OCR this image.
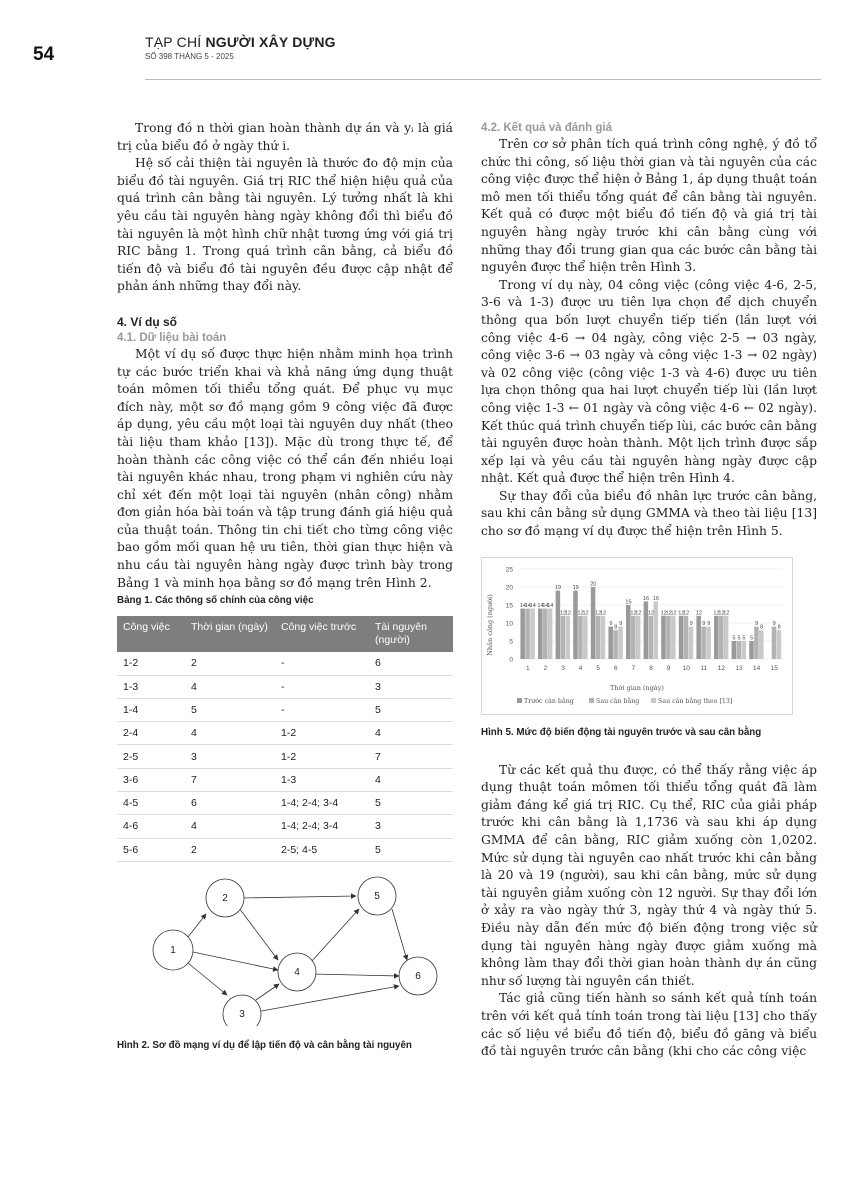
54
TẠP CHÍ NGƯỜI XÂY DỰNG
SỐ 398 THÁNG 5 - 2025

Trong đó n thời gian hoàn thành dự án và yᵢ là giá trị của biểu đồ ở ngày thứ i.

Hệ số cải thiện tài nguyên là thước đo độ mịn của biểu đồ tài nguyên. Giá trị RIC thể hiện hiệu quả của quá trình cân bằng tài nguyên. Lý tưởng nhất là khi yêu cầu tài nguyên hàng ngày không đổi thì biểu đồ tài nguyên là một hình chữ nhật tương ứng với giá trị RIC bằng 1. Trong quá trình cân bằng, cả biểu đồ tiến độ và biểu đồ tài nguyên đều được cập nhật để phản ánh những thay đổi này.

4. Ví dụ số
4.1. Dữ liệu bài toán

Một ví dụ số được thực hiện nhằm minh họa trình tự các bước triển khai và khả năng ứng dụng thuật toán mômen tối thiểu tổng quát. Để phục vụ mục đích này, một sơ đồ mạng gồm 9 công việc đã được áp dụng, yêu cầu một loại tài nguyên duy nhất (theo tài liệu tham khảo [13]). Mặc dù trong thực tế, để hoàn thành các công việc có thể cần đến nhiều loại tài nguyên khác nhau, trong phạm vi nghiên cứu này chỉ xét đến một loại tài nguyên (nhân công) nhằm đơn giản hóa bài toán và tập trung đánh giá hiệu quả của thuật toán. Thông tin chi tiết cho từng công việc bao gồm mối quan hệ ưu tiên, thời gian thực hiện và nhu cầu tài nguyên hàng ngày được trình bày trong Bảng 1 và minh họa bằng sơ đồ mạng trên Hình 2.

Bảng 1. Các thông số chính của công việc
Công việc	Thời gian (ngày)	Công việc trước	Tài nguyên (người)
1-2	2	-	6
1-3	4	-	3
1-4	5	-	5
2-4	4	1-2	4
2-5	3	1-2	7
3-6	7	1-3	4
4-5	6	1-4; 2-4; 3-4	5
4-6	4	1-4; 2-4; 3-4	3
5-6	2	2-5; 4-5	5
1
2
3
4
5
6
Hình 2. Sơ đồ mạng ví dụ để lập tiến độ và cân bằng tài nguyên
4.2. Kết quả và đánh giá

Trên cơ sở phân tích quá trình công nghệ, ý đồ tổ chức thi công, số liệu thời gian và tài nguyên của các công việc được thể hiện ở Bảng 1, áp dụng thuật toán mô men tối thiểu tổng quát để cân bằng tài nguyên. Kết quả có được một biểu đồ tiến độ và giá trị tài nguyên hàng ngày trước khi cân bằng cùng với những thay đổi trung gian qua các bước cân bằng tài nguyên được thể hiện trên Hình 3.

Trong ví dụ này, 04 công việc (công việc 4-6, 2-5, 3-6 và 1-3) được ưu tiên lựa chọn để dịch chuyển thông qua bốn lượt chuyển tiếp tiến (lần lượt với công việc 4-6 → 04 ngày, công việc 2-5 → 03 ngày, công việc 3-6 → 03 ngày và công việc 1-3 → 02 ngày) và 02 công việc (công việc 1-3 và 4-6) được ưu tiên lựa chọn thông qua hai lượt chuyển tiếp lùi (lần lượt công việc 1-3 ← 01 ngày và công việc 4-6 ← 02 ngày). Kết thúc quá trình chuyển tiếp lùi, các bước cân bằng tài nguyên được hoàn thành. Một lịch trình được sắp xếp lại và yêu cầu tài nguyên hàng ngày được cập nhật. Kết quả được thể hiện trên Hình 4.

Sự thay đổi của biểu đồ nhân lực trước cân bằng, sau khi cân bằng sử dụng GMMA và theo tài liệu [13] cho sơ đồ mạng ví dụ được thể hiện trên Hình 5.

14
14
14 14
14
14
19
12
12
19
12
12
20
12
12
9
8
9
15
12
12
16
12
16
12
12
12 12
12
9
12
9 9
12
12
12
5 5 5 5
9
8
9
8
0
5
10
15
20
25
1 2 3 4 5 6 7 8 9 10 11 12 13 14 15
Nhân công (người)
Thời gian (ngày)
Trước cân bằng	Sau cân bằng	Sau cân bằng theo [13]
Hình 5. Mức độ biến động tài nguyên trước và sau cân bằng

Từ các kết quả thu được, có thể thấy rằng việc áp dụng thuật toán mômen tối thiểu tổng quát đã làm giảm đáng kể giá trị RIC. Cụ thể, RIC của giải pháp trước khi cân bằng là 1,1736 và sau khi áp dụng GMMA để cân bằng, RIC giảm xuống còn 1,0202. Mức sử dụng tài nguyên cao nhất trước khi cân bằng là 20 và 19 (người), sau khi cân bằng, mức sử dụng tài nguyên giảm xuống còn 12 người. Sự thay đổi lớn ở xảy ra vào ngày thứ 3, ngày thứ 4 và ngày thứ 5. Điều này dẫn đến mức độ biến động trong việc sử dụng tài nguyên hàng ngày được giảm xuống mà không làm thay đổi thời gian hoàn thành dự án cũng như số lượng tài nguyên cần thiết.

Tác giả cũng tiến hành so sánh kết quả tính toán trên với kết quả tính toán trong tài liệu [13] cho thấy các số liệu về biểu đồ tiến độ, biểu đồ găng và biểu đồ tài nguyên trước cân bằng (khi cho các công việc
